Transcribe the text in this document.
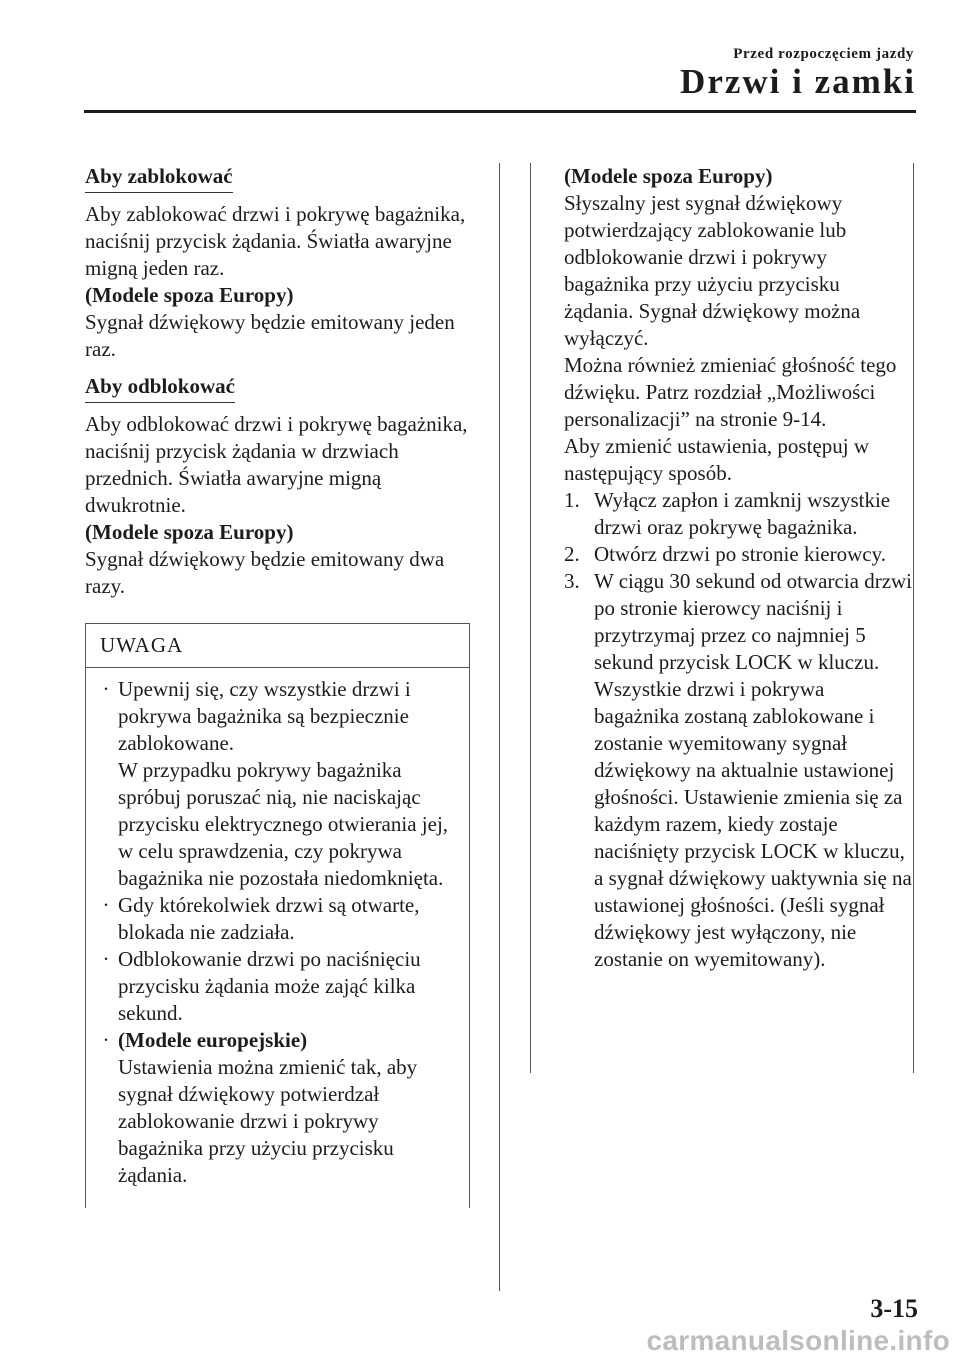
Przed rozpoczęciem jazdy
Drzwi i zamki
Aby zablokować

Aby zablokować drzwi i pokrywę bagażnika, naciśnij przycisk żądania. Światła awaryjne migną jeden raz.

(Modele spoza Europy)

Sygnał dźwiękowy będzie emitowany jeden raz.

Aby odblokować

Aby odblokować drzwi i pokrywę bagażnika, naciśnij przycisk żądania w drzwiach przednich. Światła awaryjne migną dwukrotnie.

(Modele spoza Europy)

Sygnał dźwiękowy będzie emitowany dwa razy.

UWAGA
· Upewnij się, czy wszystkie drzwi i pokrywa bagażnika są bezpiecznie zablokowane.
W przypadku pokrywy bagażnika spróbuj poruszać nią, nie naciskając przycisku elektrycznego otwierania jej, w celu sprawdzenia, czy pokrywa bagażnika nie pozostała niedomknięta.
· Gdy którekolwiek drzwi są otwarte, blokada nie zadziała.
· Odblokowanie drzwi po naciśnięciu przycisku żądania może zająć kilka sekund.
· (Modele europejskie)
Ustawienia można zmienić tak, aby sygnał dźwiękowy potwierdzał zablokowanie drzwi i pokrywy bagażnika przy użyciu przycisku żądania.

(Modele spoza Europy)

Słyszalny jest sygnał dźwiękowy potwierdzający zablokowanie lub odblokowanie drzwi i pokrywy bagażnika przy użyciu przycisku żądania. Sygnał dźwiękowy można wyłączyć.

Można również zmieniać głośność tego dźwięku. Patrz rozdział „Możliwości personalizacji” na stronie 9-14.

Aby zmienić ustawienia, postępuj w następujący sposób.

1. Wyłącz zapłon i zamknij wszystkie drzwi oraz pokrywę bagażnika.
2. Otwórz drzwi po stronie kierowcy.
3. W ciągu 30 sekund od otwarcia drzwi po stronie kierowcy naciśnij i przytrzymaj przez co najmniej 5 sekund przycisk LOCK w kluczu. Wszystkie drzwi i pokrywa bagażnika zostaną zablokowane i zostanie wyemitowany sygnał dźwiękowy na aktualnie ustawionej głośności. Ustawienie zmienia się za każdym razem, kiedy zostaje naciśnięty przycisk LOCK w kluczu, a sygnał dźwiękowy uaktywnia się na ustawionej głośności. (Jeśli sygnał dźwiękowy jest wyłączony, nie zostanie on wyemitowany).
3-15
carmanualsonline.info
